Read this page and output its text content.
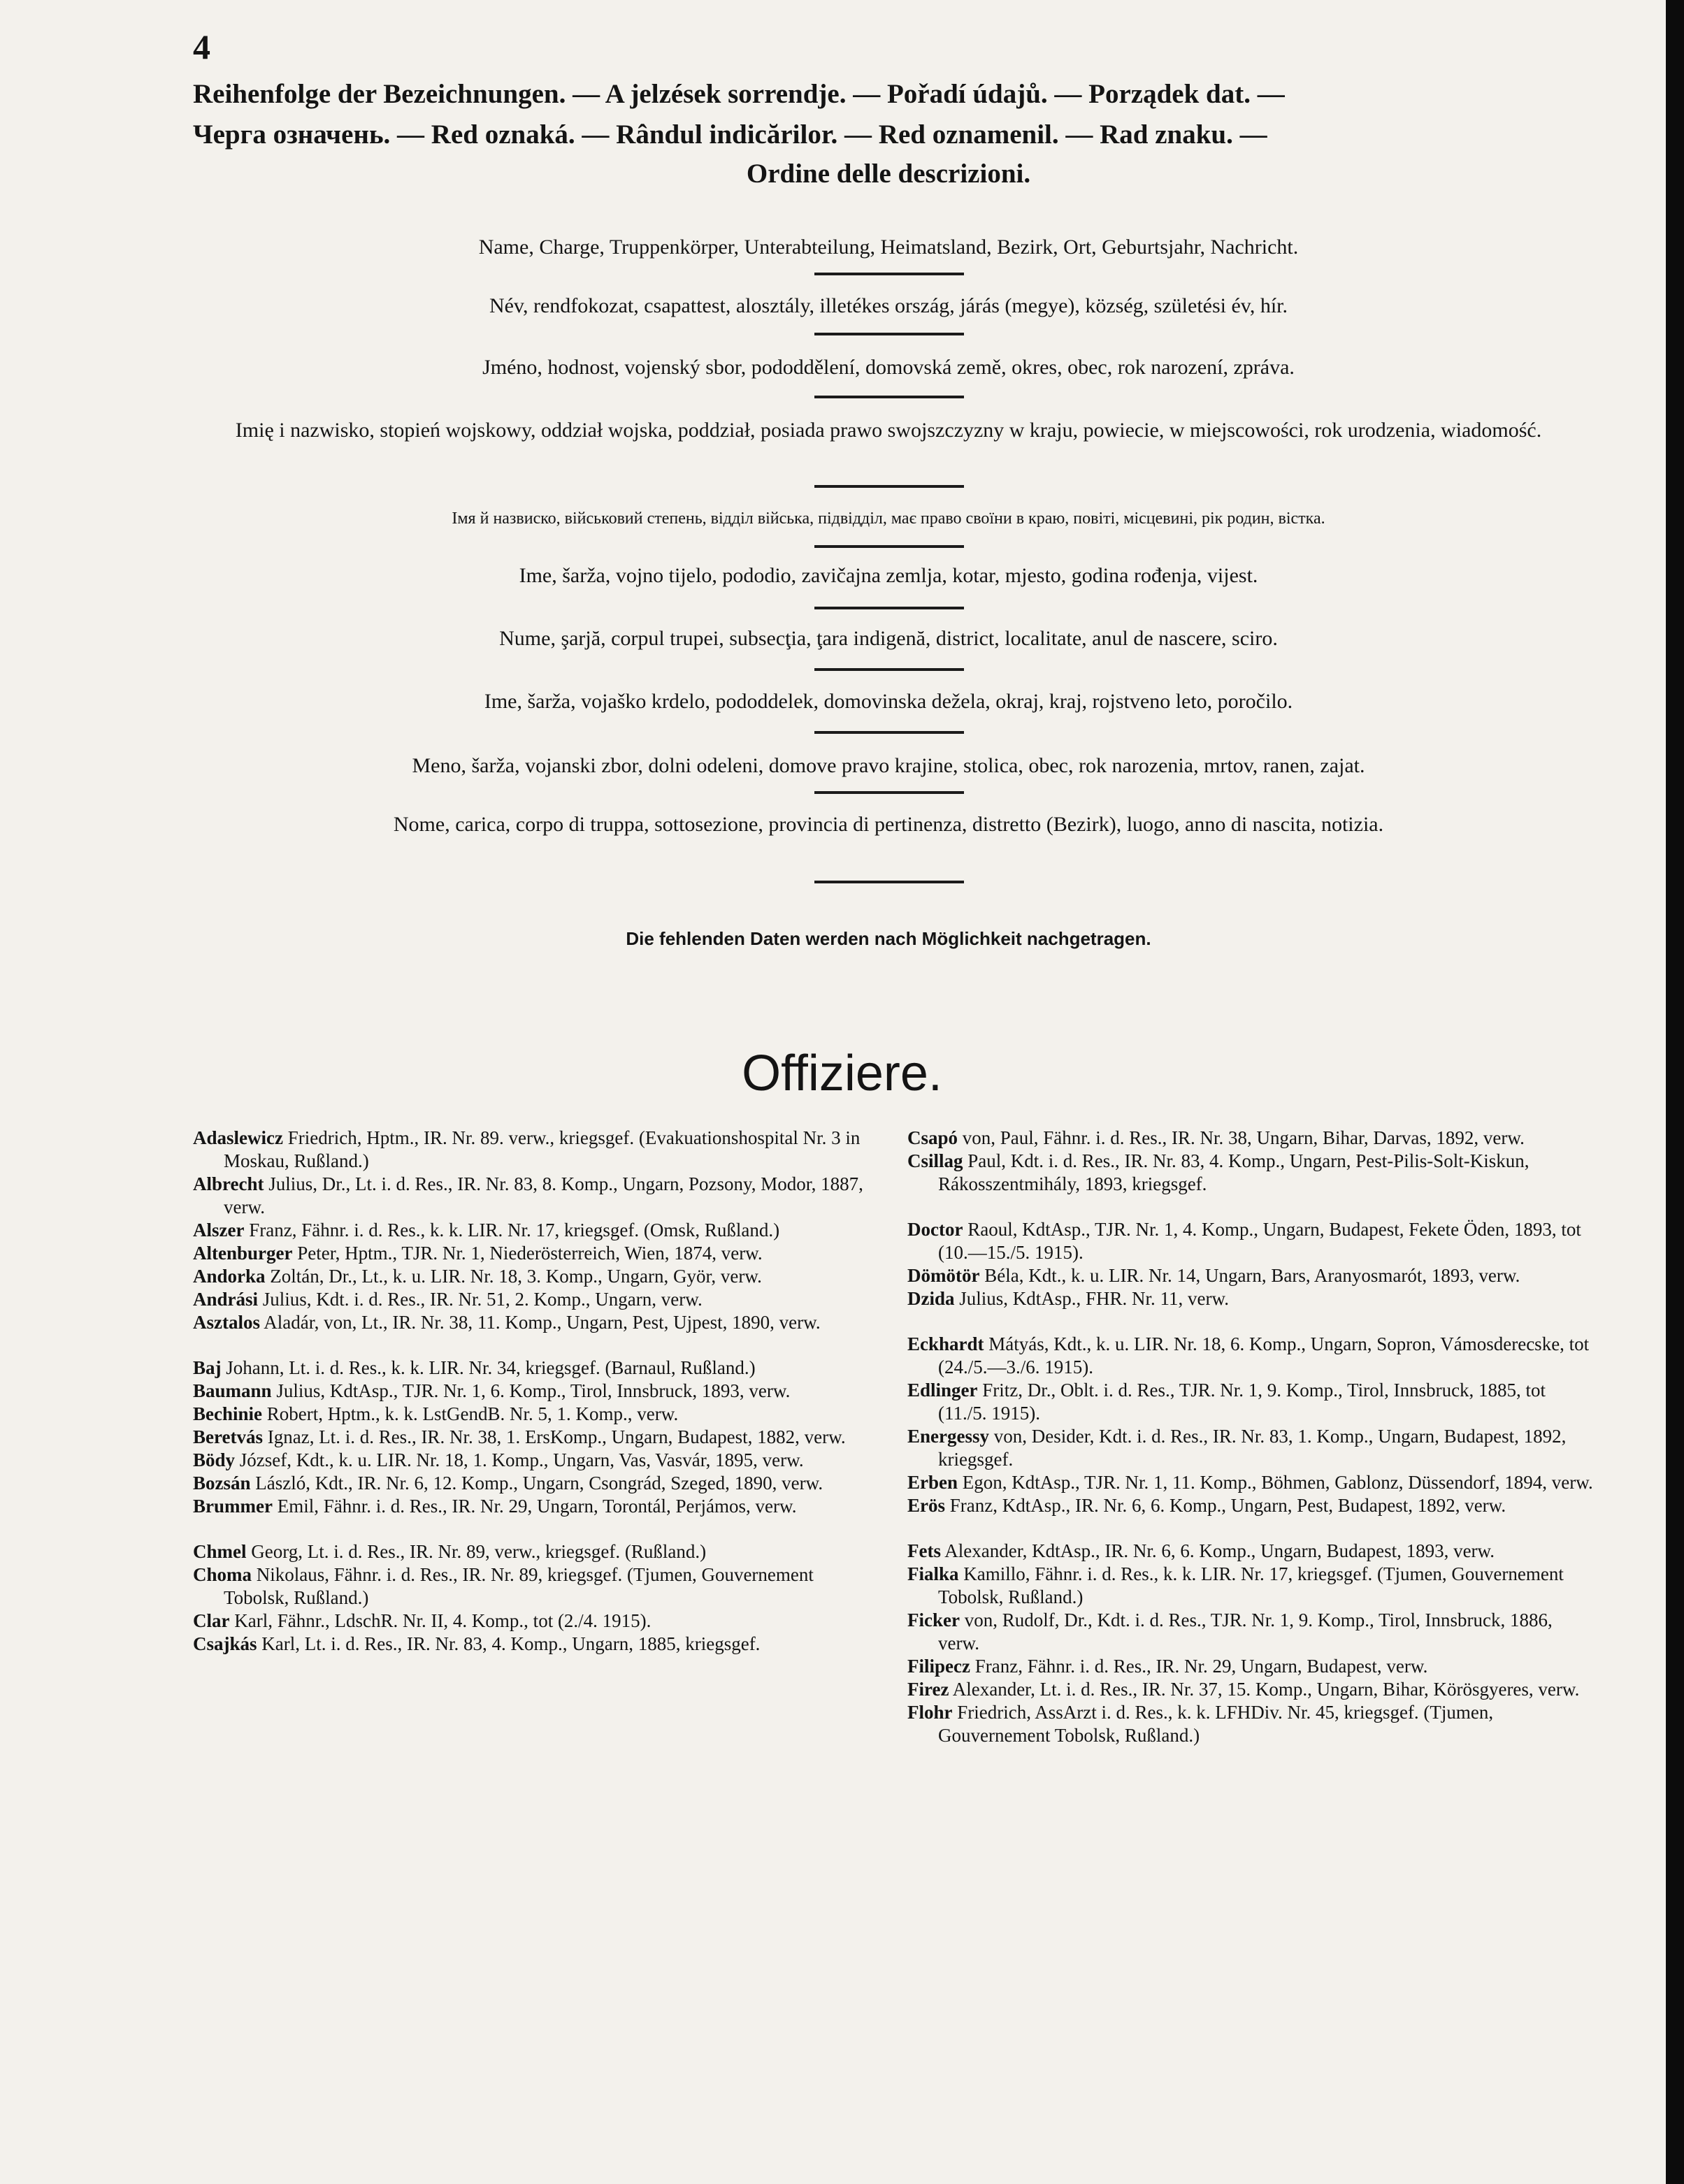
4
Reihenfolge der Bezeichnungen. — A jelzések sorrendje. — Pořadí údajů. — Porządek dat. —
Черга означень. — Red oznaká. — Rândul indicărilor. — Red oznamenil. — Rad znaku. —
Ordine delle descrizioni.
Name, Charge, Truppenkörper, Unterabteilung, Heimatsland, Bezirk, Ort, Geburtsjahr, Nachricht.
Név, rendfokozat, csapattest, alosztály, illetékes ország, járás (megye), község, születési év, hír.
Jméno, hodnost, vojenský sbor, pododdělení, domovská země, okres, obec, rok narození, zpráva.
Imię i nazwisko, stopień wojskowy, oddział wojska, poddział, posiada prawo swojszczyzny w kraju, powiecie, w miejscowości, rok urodzenia, wiadomość.
Імя й назвиско, військовий степень, відділ війська, підвідділ, має право своїни в краю, повіті, місцевині, рік родин, вістка.
Ime, šarža, vojno tijelo, pododio, zavičajna zemlja, kotar, mjesto, godina rođenja, vijest.
Nume, şarjă, corpul trupei, subsecţia, ţara indigenă, district, localitate, anul de nascere, sciro.
Ime, šarža, vojaško krdelo, pododdelek, domovinska dežela, okraj, kraj, rojstveno leto, poročilo.
Meno, šarža, vojanski zbor, dolni odeleni, domove pravo krajine, stolica, obec, rok narozenia, mrtov, ranen, zajat.
Nome, carica, corpo di truppa, sottosezione, provincia di pertinenza, distretto (Bezirk), luogo, anno di nascita, notizia.
Die fehlenden Daten werden nach Möglichkeit nachgetragen.
Offiziere.

Adaslewicz Friedrich, Hptm., IR. Nr. 89. verw., kriegsgef. (Evakuationshospital Nr. 3 in Moskau, Rußland.)

Albrecht Julius, Dr., Lt. i. d. Res., IR. Nr. 83, 8. Komp., Ungarn, Pozsony, Modor, 1887, verw.

Alszer Franz, Fähnr. i. d. Res., k. k. LIR. Nr. 17, kriegsgef. (Omsk, Rußland.)

Altenburger Peter, Hptm., TJR. Nr. 1, Niederösterreich, Wien, 1874, verw.

Andorka Zoltán, Dr., Lt., k. u. LIR. Nr. 18, 3. Komp., Ungarn, Györ, verw.

Andrási Julius, Kdt. i. d. Res., IR. Nr. 51, 2. Komp., Ungarn, verw.

Asztalos Aladár, von, Lt., IR. Nr. 38, 11. Komp., Ungarn, Pest, Ujpest, 1890, verw.

Baj Johann, Lt. i. d. Res., k. k. LIR. Nr. 34, kriegsgef. (Barnaul, Rußland.)

Baumann Julius, KdtAsp., TJR. Nr. 1, 6. Komp., Tirol, Innsbruck, 1893, verw.

Bechinie Robert, Hptm., k. k. LstGendB. Nr. 5, 1. Komp., verw.

Beretvás Ignaz, Lt. i. d. Res., IR. Nr. 38, 1. ErsKomp., Ungarn, Budapest, 1882, verw.

Bödy József, Kdt., k. u. LIR. Nr. 18, 1. Komp., Ungarn, Vas, Vasvár, 1895, verw.

Bozsán László, Kdt., IR. Nr. 6, 12. Komp., Ungarn, Csongrád, Szeged, 1890, verw.

Brummer Emil, Fähnr. i. d. Res., IR. Nr. 29, Ungarn, Torontál, Perjámos, verw.

Chmel Georg, Lt. i. d. Res., IR. Nr. 89, verw., kriegsgef. (Rußland.)

Choma Nikolaus, Fähnr. i. d. Res., IR. Nr. 89, kriegsgef. (Tjumen, Gouvernement Tobolsk, Rußland.)

Clar Karl, Fähnr., LdschR. Nr. II, 4. Komp., tot (2./4. 1915).

Csajkás Karl, Lt. i. d. Res., IR. Nr. 83, 4. Komp., Ungarn, 1885, kriegsgef.

Csapó von, Paul, Fähnr. i. d. Res., IR. Nr. 38, Ungarn, Bihar, Darvas, 1892, verw.

Csillag Paul, Kdt. i. d. Res., IR. Nr. 83, 4. Komp., Ungarn, Pest-Pilis-Solt-Kiskun, Rákosszentmihály, 1893, kriegsgef.

Doctor Raoul, KdtAsp., TJR. Nr. 1, 4. Komp., Ungarn, Budapest, Fekete Öden, 1893, tot (10.—15./5. 1915).

Dömötör Béla, Kdt., k. u. LIR. Nr. 14, Ungarn, Bars, Aranyosmarót, 1893, verw.

Dzida Julius, KdtAsp., FHR. Nr. 11, verw.

Eckhardt Mátyás, Kdt., k. u. LIR. Nr. 18, 6. Komp., Ungarn, Sopron, Vámosderecske, tot (24./5.—3./6. 1915).

Edlinger Fritz, Dr., Oblt. i. d. Res., TJR. Nr. 1, 9. Komp., Tirol, Innsbruck, 1885, tot (11./5. 1915).

Energessy von, Desider, Kdt. i. d. Res., IR. Nr. 83, 1. Komp., Ungarn, Budapest, 1892, kriegsgef.

Erben Egon, KdtAsp., TJR. Nr. 1, 11. Komp., Böhmen, Gablonz, Düssendorf, 1894, verw.

Erös Franz, KdtAsp., IR. Nr. 6, 6. Komp., Ungarn, Pest, Budapest, 1892, verw.

Fets Alexander, KdtAsp., IR. Nr. 6, 6. Komp., Ungarn, Budapest, 1893, verw.

Fialka Kamillo, Fähnr. i. d. Res., k. k. LIR. Nr. 17, kriegsgef. (Tjumen, Gouvernement Tobolsk, Rußland.)

Ficker von, Rudolf, Dr., Kdt. i. d. Res., TJR. Nr. 1, 9. Komp., Tirol, Innsbruck, 1886, verw.

Filipecz Franz, Fähnr. i. d. Res., IR. Nr. 29, Ungarn, Budapest, verw.

Firez Alexander, Lt. i. d. Res., IR. Nr. 37, 15. Komp., Ungarn, Bihar, Körösgyeres, verw.

Flohr Friedrich, AssArzt i. d. Res., k. k. LFHDiv. Nr. 45, kriegsgef. (Tjumen, Gouvernement Tobolsk, Rußland.)
